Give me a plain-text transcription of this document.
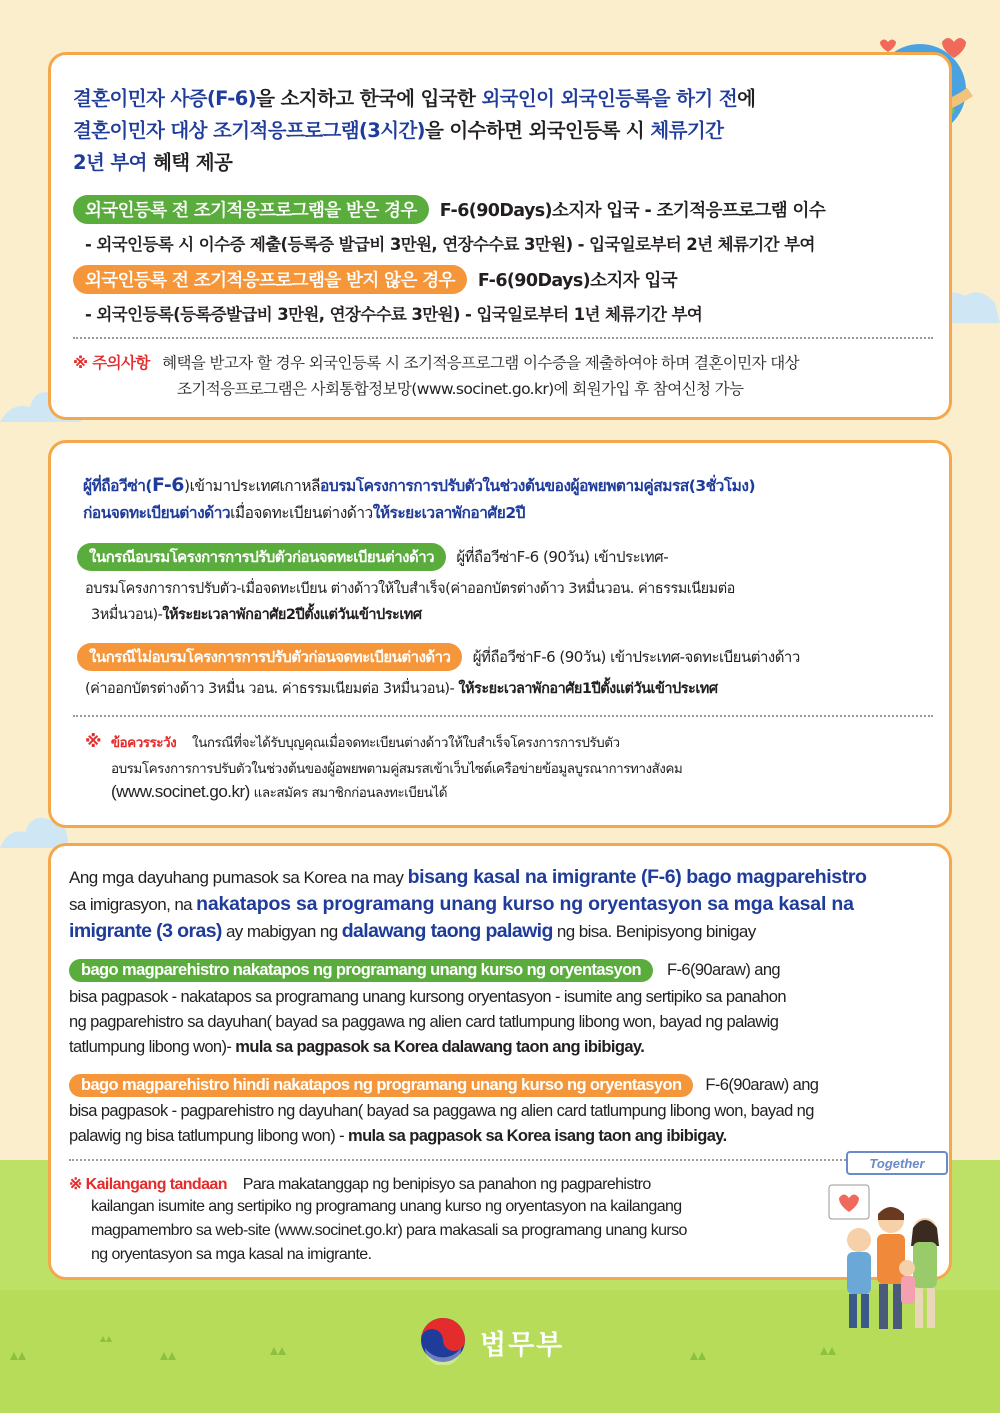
결혼이민자 사증(F-6)을 소지하고 한국에 입국한 외국인이 외국인등록을 하기 전에
결혼이민자 대상 조기적응프로그램(3시간)을 이수하면 외국인등록 시 체류기간
2년 부여 혜택 제공
외국인등록 전 조기적응프로그램을 받은 경우 F-6(90Days)소지자 입국 - 조기적응프로그램 이수
- 외국인등록 시 이수증 제출(등록증 발급비 3만원, 연장수수료 3만원) - 입국일로부터 2년 체류기간 부여
외국인등록 전 조기적응프로그램을 받지 않은 경우 F-6(90Days)소지자 입국
- 외국인등록(등록증발급비 3만원, 연장수수료 3만원) - 입국일로부터 1년 체류기간 부여
※ 주의사항 혜택을 받고자 할 경우 외국인등록 시 조기적응프로그램 이수증을 제출하여야 하며 결혼이민자 대상
조기적응프로그램은 사회통합정보망(www.socinet.go.kr)에 회원가입 후 참여신청 가능
ผู้ที่ถือวีซ่า(F-6)เข้ามาประเทศเกาหลีอบรมโครงการการปรับตัวในช่วงต้นของผู้อพยพตามคู่สมรส(3ชั่วโมง)
ก่อนจดทะเบียนต่างด้าวเมื่อจดทะเบียนต่างด้าวให้ระยะเวลาพักอาศัย2ปี
ในกรณีอบรมโครงการการปรับตัวก่อนจดทะเบียนต่างด้าว ผู้ที่ถือวีซ่าF-6 (90วัน) เข้าประเทศ-
อบรมโครงการการปรับตัว-เมื่อจดทะเบียน ต่างด้าวให้ใบสำเร็จ(ค่าออกบัตรต่างด้าว 3หมื่นวอน. ค่าธรรมเนียมต่อ
3หมื่นวอน)-ให้ระยะเวลาพักอาศัย2ปีตั้งแต่วันเข้าประเทศ
ในกรณีไม่อบรมโครงการการปรับตัวก่อนจดทะเบียนต่างด้าว ผู้ที่ถือวีซ่าF-6 (90วัน) เข้าประเทศ-จดทะเบียนต่างด้าว
(ค่าออกบัตรต่างด้าว 3หมื่น วอน. ค่าธรรมเนียมต่อ 3หมื่นวอน)- ให้ระยะเวลาพักอาศัย1ปีตั้งแต่วันเข้าประเทศ
※ ข้อควรระวัง ในกรณีที่จะได้รับบุญคุณเมื่อจดทะเบียนต่างด้าวให้ใบสำเร็จโครงการการปรับตัว
อบรมโครงการการปรับตัวในช่วงต้นของผู้อพยพตามคู่สมรสเข้าเว็บไซต์เครือข่ายข้อมูลบูรณาการทางสังคม
(www.socinet.go.kr) และสมัคร สมาชิกก่อนลงทะเบียนได้
Ang mga dayuhang pumasok sa Korea na may bisang kasal na imigrante (F-6) bago magparehistro
sa imigrasyon, na nakatapos sa programang unang kurso ng oryentasyon sa mga kasal na
imigrante (3 oras) ay mabigyan ng dalawang taong palawig ng bisa. Benipisyong binigay
bago magparehistro nakatapos ng programang unang kurso ng oryentasyon F-6(90araw) ang
bisa pagpasok - nakatapos sa programang unang kursong oryentasyon - isumite ang sertipiko sa panahon
ng pagparehistro sa dayuhan( bayad sa paggawa ng alien card tatlumpung libong won, bayad ng palawig
tatlumpung libong won)- mula sa pagpasok sa Korea dalawang taon ang ibibigay.
bago magparehistro hindi nakatapos ng programang unang kurso ng oryentasyon F-6(90araw) ang
bisa pagpasok - pagparehistro ng dayuhan( bayad sa paggawa ng alien card tatlumpung libong won, bayad ng
palawig ng bisa tatlumpung libong won) - mula sa pagpasok sa Korea isang taon ang ibibigay.
※ Kailangang tandaan Para makatanggap ng benipisyo sa panahon ng pagparehistro
kailangan isumite ang sertipiko ng programang unang kurso ng oryentasyon na kailangang
magpamembro sa web-site (www.socinet.go.kr) para makasali sa programang unang kurso
ng oryentasyon sa mga kasal na imigrante.
Together
법무부
